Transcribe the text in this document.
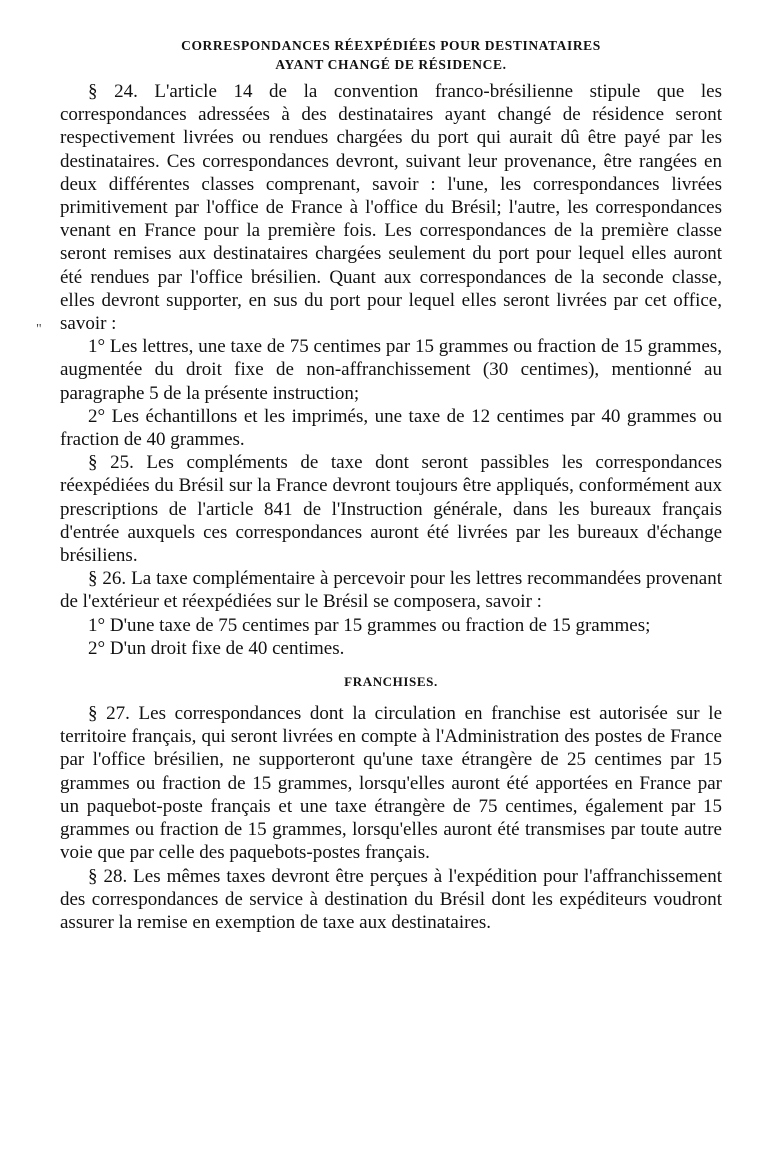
"
CORRESPONDANCES RÉEXPÉDIÉES POUR DESTINATAIRES
AYANT CHANGÉ DE RÉSIDENCE.

§ 24. L'article 14 de la convention franco-brésilienne stipule que les correspondances adressées à des destinataires ayant changé de résidence seront respectivement livrées ou rendues chargées du port qui aurait dû être payé par les destinataires. Ces correspondances devront, suivant leur provenance, être rangées en deux différentes classes comprenant, savoir : l'une, les correspondances livrées primitivement par l'office de France à l'office du Brésil; l'autre, les correspondances venant en France pour la première fois. Les correspondances de la première classe seront remises aux destinataires chargées seulement du port pour lequel elles auront été rendues par l'office brésilien. Quant aux correspondances de la seconde classe, elles devront supporter, en sus du port pour lequel elles seront livrées par cet office, savoir :

1° Les lettres, une taxe de 75 centimes par 15 grammes ou fraction de 15 grammes, augmentée du droit fixe de non-affranchissement (30 centimes), mentionné au paragraphe 5 de la présente instruction;

2° Les échantillons et les imprimés, une taxe de 12 centimes par 40 grammes ou fraction de 40 grammes.

§ 25. Les compléments de taxe dont seront passibles les correspondances réexpédiées du Brésil sur la France devront toujours être appliqués, conformément aux prescriptions de l'article 841 de l'Instruction générale, dans les bureaux français d'entrée auxquels ces correspondances auront été livrées par les bureaux d'échange brésiliens.

§ 26. La taxe complémentaire à percevoir pour les lettres recommandées provenant de l'extérieur et réexpédiées sur le Brésil se composera, savoir :

1° D'une taxe de 75 centimes par 15 grammes ou fraction de 15 grammes;

2° D'un droit fixe de 40 centimes.

FRANCHISES.

§ 27. Les correspondances dont la circulation en franchise est autorisée sur le territoire français, qui seront livrées en compte à l'Administration des postes de France par l'office brésilien, ne supporteront qu'une taxe étrangère de 25 centimes par 15 grammes ou fraction de 15 grammes, lorsqu'elles auront été apportées en France par un paquebot-poste français et une taxe étrangère de 75 centimes, également par 15 grammes ou fraction de 15 grammes, lorsqu'elles auront été transmises par toute autre voie que par celle des paquebots-postes français.

§ 28. Les mêmes taxes devront être perçues à l'expédition pour l'affranchissement des correspondances de service à destination du Brésil dont les expéditeurs voudront assurer la remise en exemption de taxe aux destinataires.
